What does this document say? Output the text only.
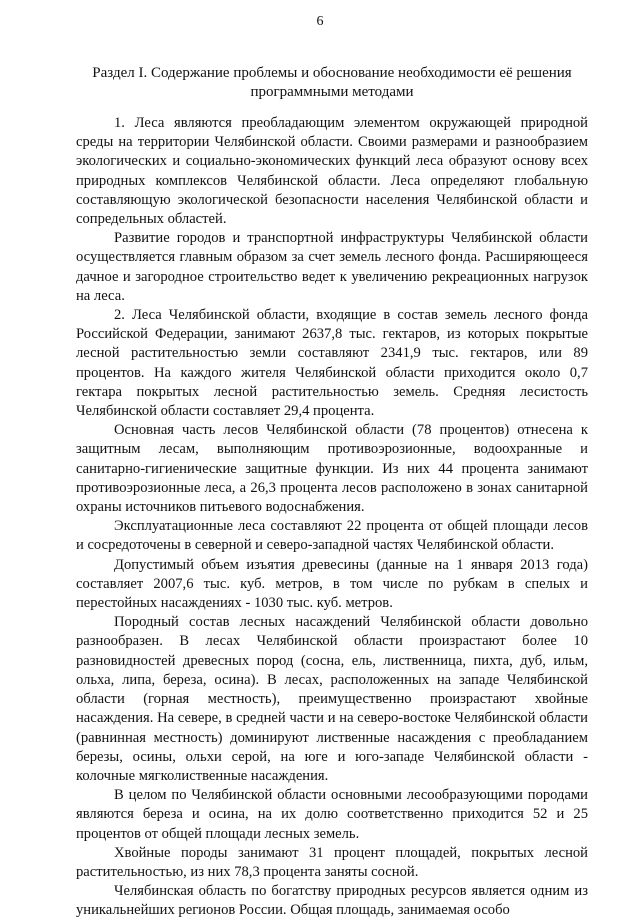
6
Раздел I. Содержание проблемы и обоснование необходимости её решения программными методами

1. Леса являются преобладающим элементом окружающей природной среды на территории Челябинской области. Своими размерами и разнообразием экологических и социально-экономических функций леса образуют основу всех природных комплексов Челябинской области. Леса определяют глобальную составляющую экологической безопасности населения Челябинской области и сопредельных областей.

Развитие городов и транспортной инфраструктуры Челябинской области осуществляется главным образом за счет земель лесного фонда. Расширяющееся дачное и загородное строительство ведет к увеличению рекреационных нагрузок на леса.

2. Леса Челябинской области, входящие в состав земель лесного фонда Российской Федерации, занимают 2637,8 тыс. гектаров, из которых покрытые лесной растительностью земли составляют 2341,9 тыс. гектаров, или 89 процентов. На каждого жителя Челябинской области приходится около 0,7 гектара покрытых лесной растительностью земель. Средняя лесистость Челябинской области составляет 29,4 процента.

Основная часть лесов Челябинской области (78 процентов) отнесена к защитным лесам, выполняющим противоэрозионные, водоохранные и санитарно-гигиенические защитные функции. Из них 44 процента занимают противоэрозионные леса, а 26,3 процента лесов расположено в зонах санитарной охраны источников питьевого водоснабжения.

Эксплуатационные леса составляют 22 процента от общей площади лесов и сосредоточены в северной и северо-западной частях Челябинской области.

Допустимый объем изъятия древесины (данные на 1 января 2013 года) составляет 2007,6 тыс. куб. метров, в том числе по рубкам в спелых и перестойных насаждениях - 1030 тыс. куб. метров.

Породный состав лесных насаждений Челябинской области довольно разнообразен. В лесах Челябинской области произрастают более 10 разновидностей древесных пород (сосна, ель, лиственница, пихта, дуб, ильм, ольха, липа, береза, осина). В лесах, расположенных на западе Челябинской области (горная местность), преимущественно произрастают хвойные насаждения. На севере, в средней части и на северо-востоке Челябинской области (равнинная местность) доминируют лиственные насаждения с преобладанием березы, осины, ольхи серой, на юге и юго-западе Челябинской области - колочные мягколиственные насаждения.

В целом по Челябинской области основными лесообразующими породами являются береза и осина, на их долю соответственно приходится 52 и 25 процентов от общей площади лесных земель.

Хвойные породы занимают 31 процент площадей, покрытых лесной растительностью, из них 78,3 процента заняты сосной.

Челябинская область по богатству природных ресурсов является одним из уникальнейших регионов России. Общая площадь, занимаемая особо
